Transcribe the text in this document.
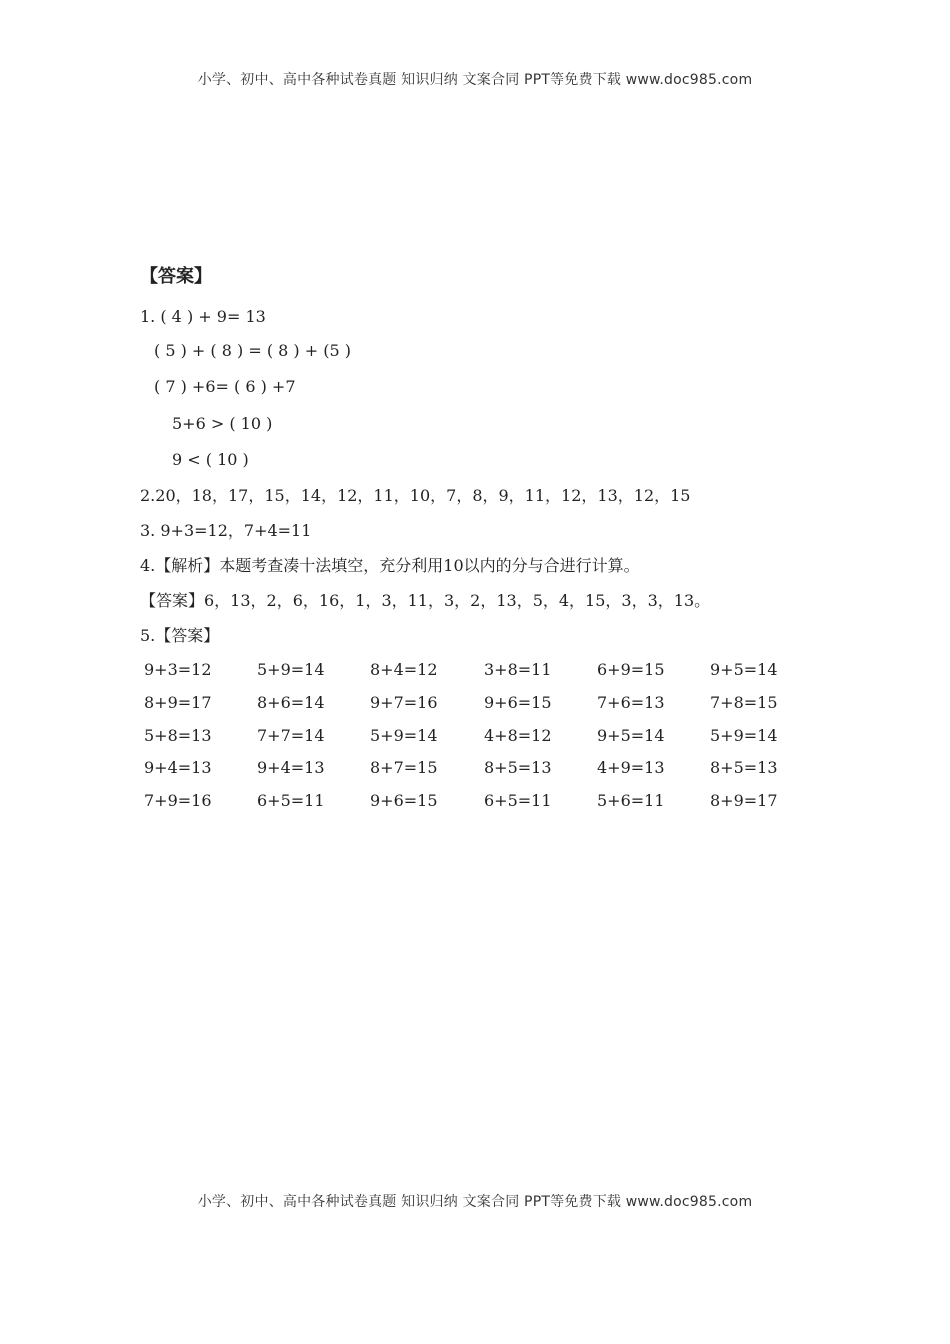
小学、初中、高中各种试卷真题 知识归纳 文案合同 PPT等免费下载 www.doc985.com
【答案】
1. ( 4 ) + 9= 13
( 5 ) + ( 8 ) = ( 8 ) + (5 )
( 7 ) +6= ( 6 ) +7
5+6 > ( 10 )
9 < ( 10 )
2.20，18，17，15，14，12，11，10，7，8，9，11，12，13，12，15
3. 9+3=12，7+4=11
4.【解析】本题考查凑十法填空，充分利用10以内的分与合进行计算。
【答案】6，13，2，6，16，1，3，11，3，2，13，5，4，15，3，3，13。
5.【答案】
9+3=12	5+9=14	8+4=12	3+8=11	6+9=15	9+5=14
8+9=17	8+6=14	9+7=16	9+6=15	7+6=13	7+8=15
5+8=13	7+7=14	5+9=14	4+8=12	9+5=14	5+9=14
9+4=13	9+4=13	8+7=15	8+5=13	4+9=13	8+5=13
7+9=16	6+5=11	9+6=15	6+5=11	5+6=11	8+9=17
小学、初中、高中各种试卷真题 知识归纳 文案合同 PPT等免费下载 www.doc985.com
